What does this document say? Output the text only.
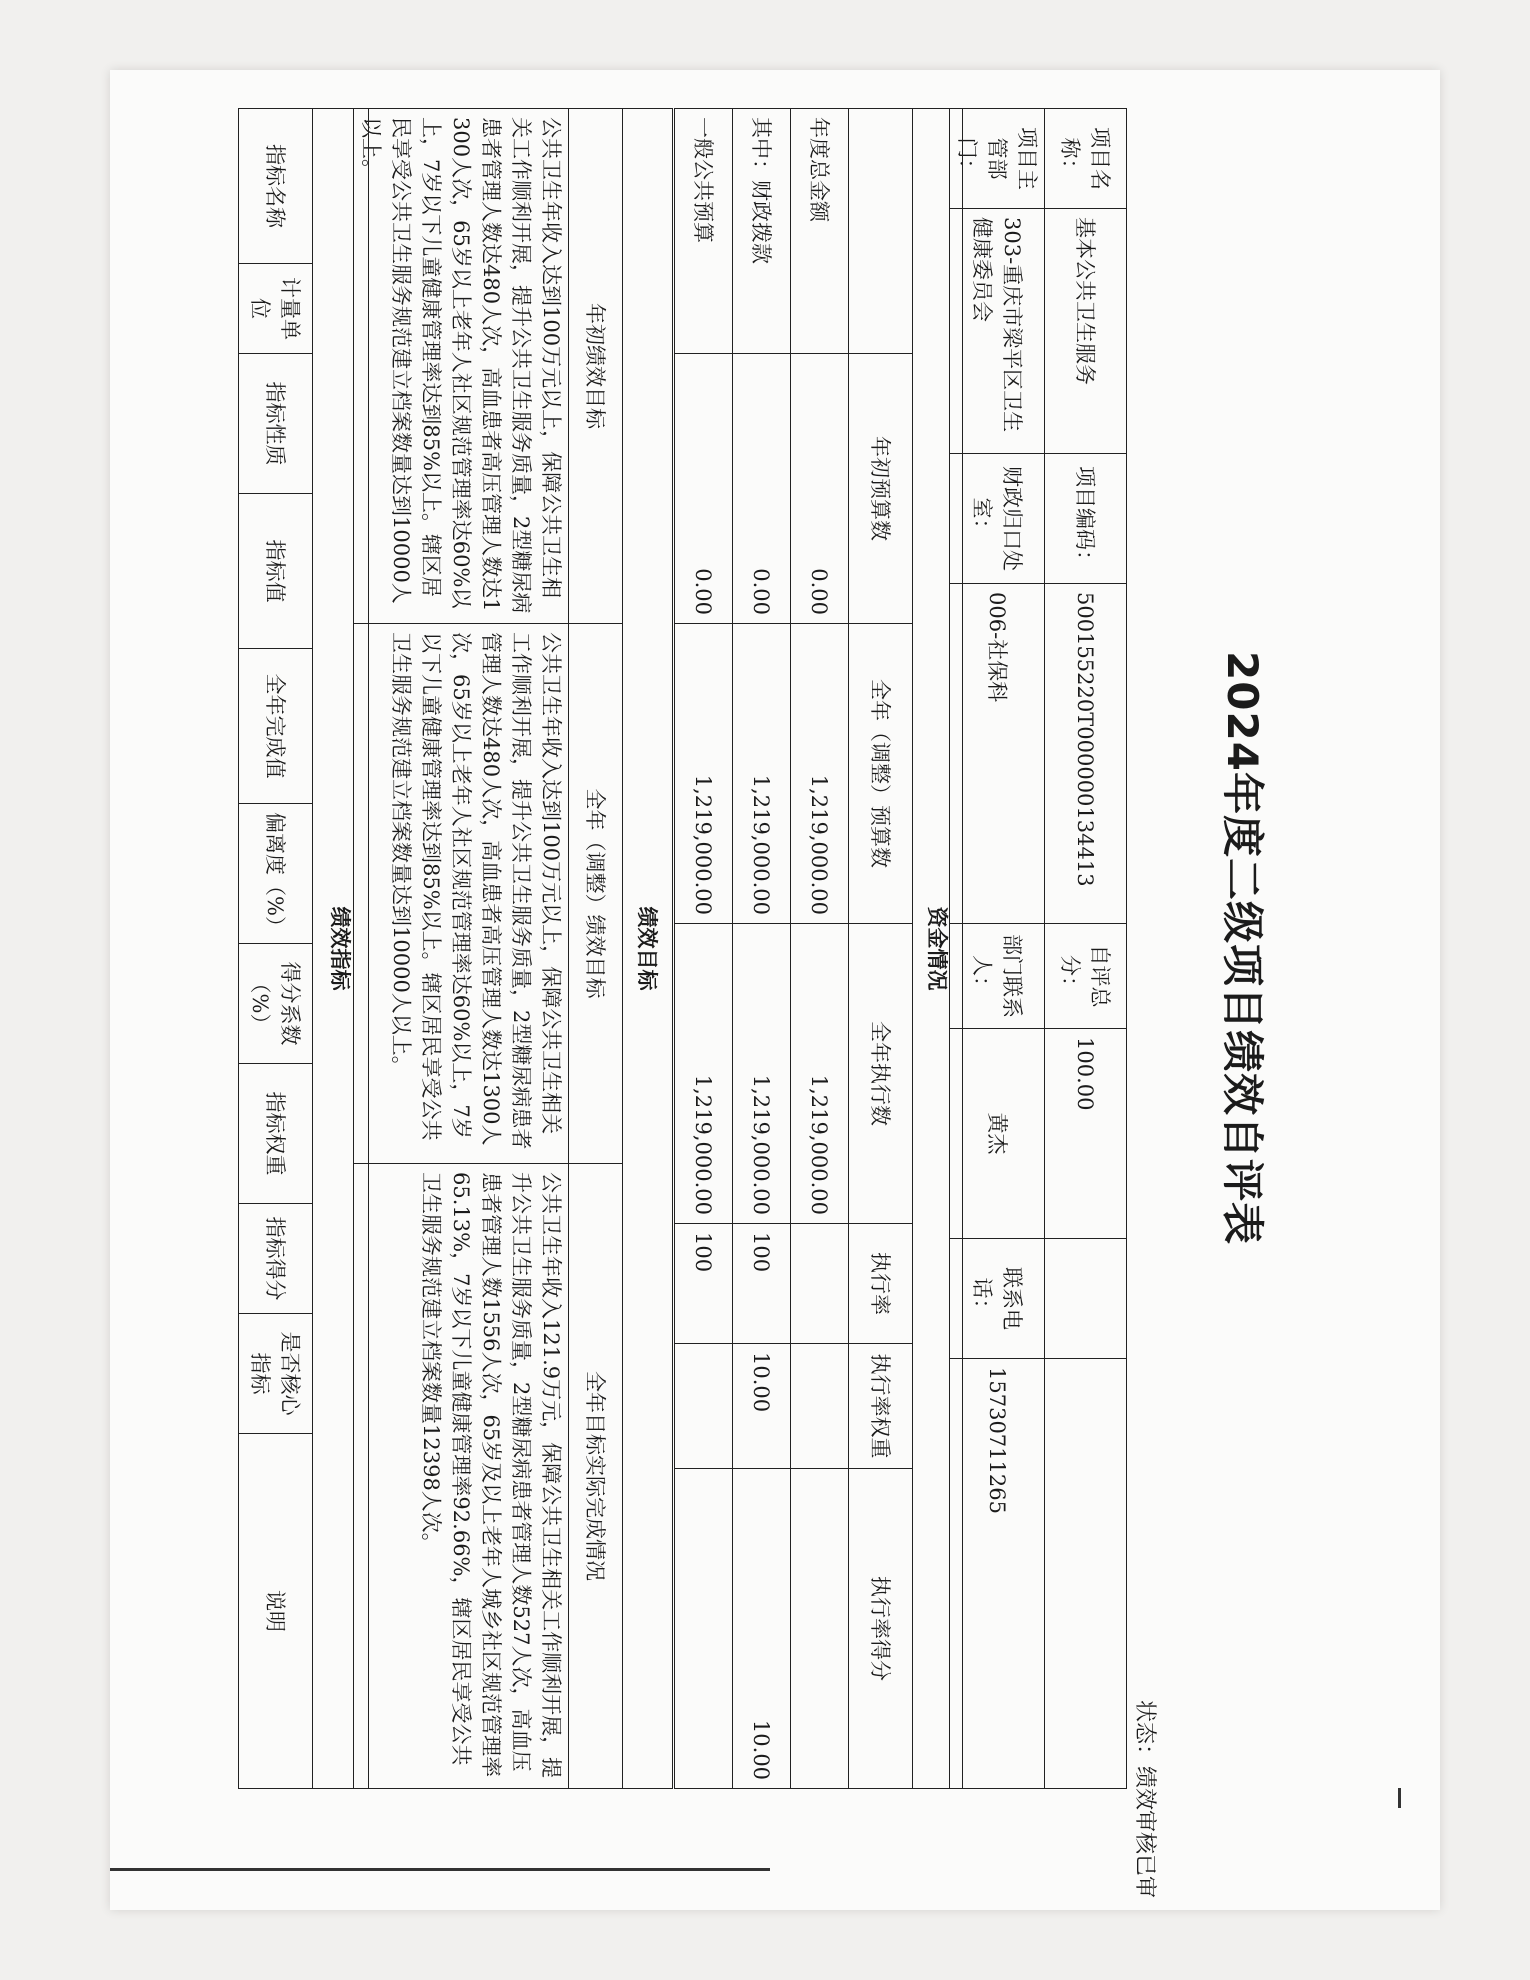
2024年度二级项目绩效自评表
状态：绩效审核已审
项目名称：	基本公共卫生服务	项目编码：	500155220T000000134413	自评总分：	100.00		
项目主管部门：	303-重庆市梁平区卫生健康委员会	财政归口处室：	006-社保科	部门联系人：	黄杰	联系电话：	15730711265
资金情况						
	年初预算数	全年（调整）预算数	全年执行数	执行率	执行率权重	执行率得分
年度总金额	0.00	1,219,000.00	1,219,000.00			
其中：财政拨款	0.00	1,219,000.00	1,219,000.00	100	10.00	10.00
一般公共预算	0.00	1,219,000.00	1,219,000.00	100		
绩效目标		
年初绩效目标	全年（调整）绩效目标	全年目标实际完成情况
公共卫生年收入达到100万元以上，保障公共卫生相关工作顺利开展，提升公共卫生服务质量，2型糖尿病患者管理人数达480人次，高血患者高压管理人数达1300人次，65岁以上老年人社区规范管理率达60%以上，7岁以下儿童健康管理率达到85%以上。辖区居民享受公共卫生服务规范建立档案数量达到10000人以上。	公共卫生年收入达到100万元以上，保障公共卫生相关工作顺利开展，提升公共卫生服务质量，2型糖尿病患者管理人数达480人次，高血患者高压管理人数达1300人次，65岁以上老年人社区规范管理率达60%以上，7岁以下儿童健康管理率达到85%以上。辖区居民享受公共卫生服务规范建立档案数量达到10000人以上。	公共卫生年收入121.9万元，保障公共卫生相关工作顺利开展，提升公共卫生服务质量，2型糖尿病患者管理人数527人次，高血压患者管理人数1556人次，65岁及以上老年人城乡社区规范管理率65.13%，7岁以下儿童健康管理率92.66%，辖区居民享受公共卫生服务规范建立档案数量12398人次。
绩效指标
指标名称	计量单位	指标性质	指标值	全年完成值	偏离度（%）	得分系数（%）	指标权重	指标得分	是否核心指标	说明
